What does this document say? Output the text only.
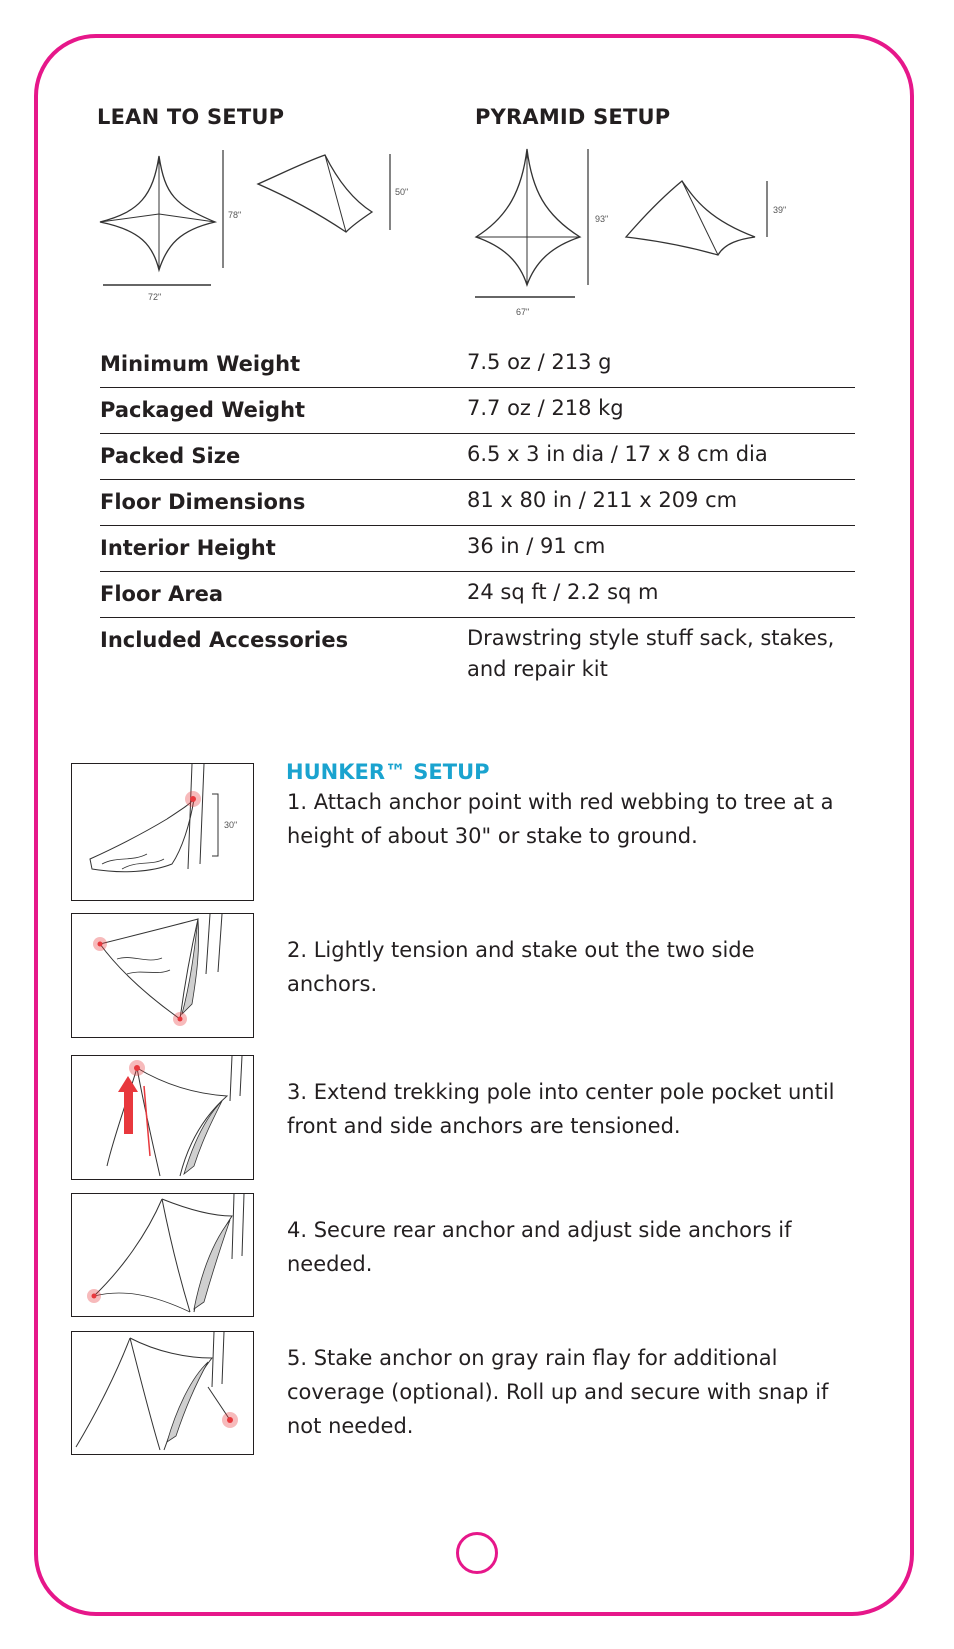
LEAN TO SETUP
78"
72"
50"
PYRAMID SETUP
93"
67"
39"
Minimum Weight	7.5 oz / 213 g
Packaged Weight	7.7 oz / 218 kg
Packed Size	6.5 x 3 in dia / 17 x 8 cm dia
Floor Dimensions	81 x 80 in / 211 x 209 cm
Interior Height	36 in / 91 cm
Floor Area	24 sq ft / 2.2 sq m
Included Accessories	Drawstring style stuff sack, stakes, and repair kit
HUNKER™ SETUP
30"
1. Attach anchor point with red webbing to tree at a height of about 30" or stake to ground.
2. Lightly tension and stake out the two side anchors.
3. Extend trekking pole into center pole pocket until front and side anchors are tensioned.
4. Secure rear anchor and adjust side anchors if needed.
5. Stake anchor on gray rain flay for additional coverage (optional). Roll up and secure with snap if not needed.
